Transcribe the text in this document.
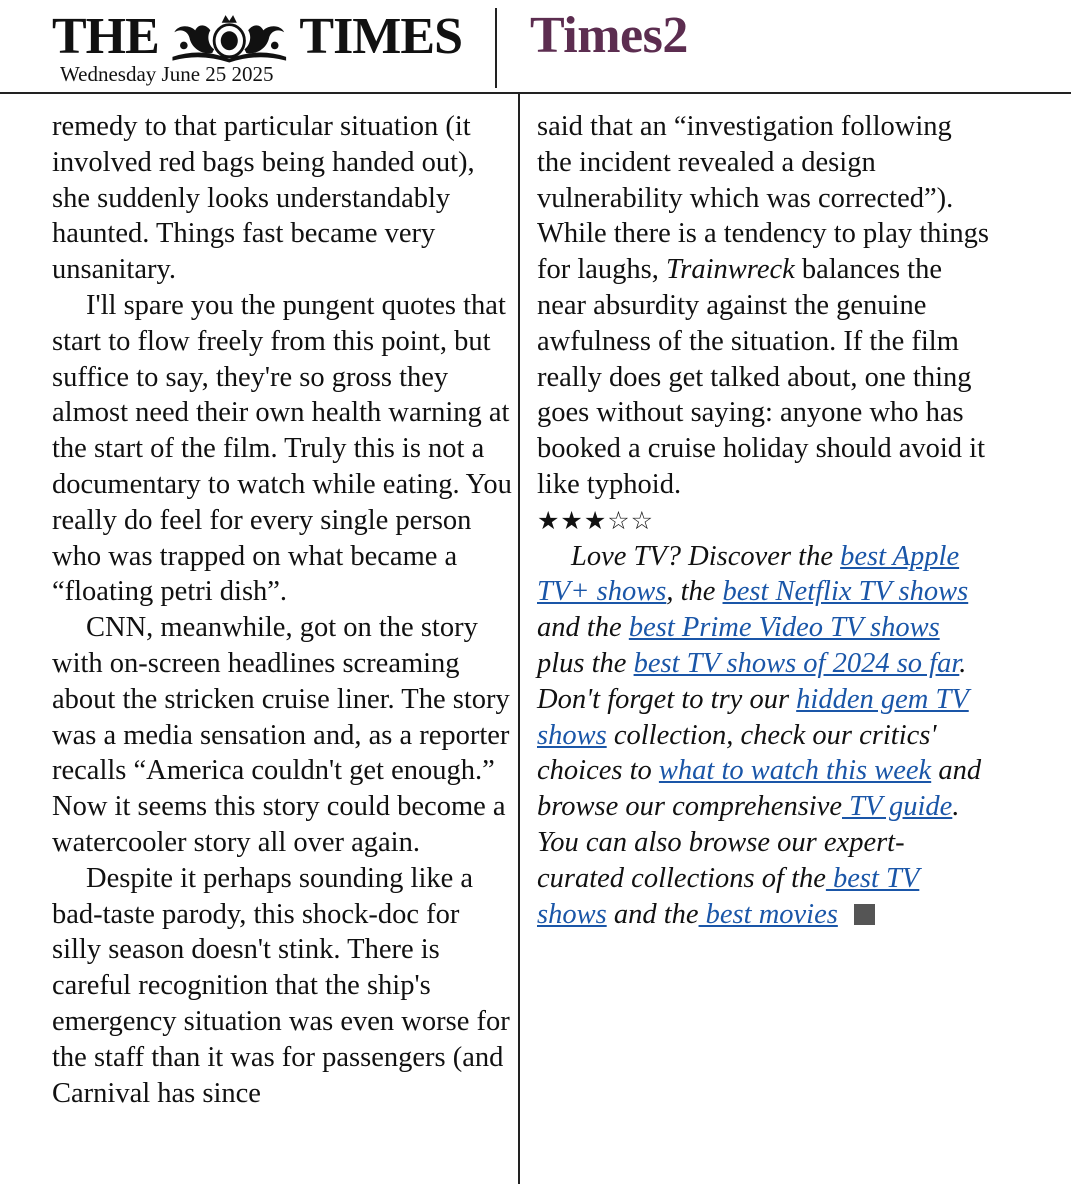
THE	TIMES
Wednesday June 25 2025
Times2

remedy to that particular situation (it involved red bags being handed out), she suddenly looks understandably haunted. Things fast became very unsanitary.

I'll spare you the pungent quotes that start to flow freely from this point, but suffice to say, they're so gross they almost need their own health warning at the start of the film. Truly this is not a documentary to watch while eating. You really do feel for every single person who was trapped on what became a “floating petri dish”.

CNN, meanwhile, got on the story with on-screen headlines screaming about the stricken cruise liner. The story was a media sensation and, as a reporter recalls “America couldn't get enough.” Now it seems this story could become a watercooler story all over again.

Despite it perhaps sounding like a bad-taste parody, this shock-doc for silly season doesn't stink. There is careful recognition that the ship's emergency situation was even worse for the staff than it was for passengers (and Carnival has since

said that an “investigation following the incident revealed a design vulnerability which was corrected”). While there is a tendency to play things for laughs, Trainwreck balances the near absurdity against the genuine awfulness of the situation. If the film really does get talked about, one thing goes without saying: anyone who has booked a cruise holiday should avoid it like typhoid.

★★★☆☆

Love TV? Discover the best Apple TV+ shows, the best Netflix TV shows and the best Prime Video TV shows plus the best TV shows of 2024 so far. Don't forget to try our hidden gem TV shows collection, check our critics' choices to what to watch this week and browse our comprehensive TV guide. You can also browse our expert-curated collections of the best TV shows and the best movies
